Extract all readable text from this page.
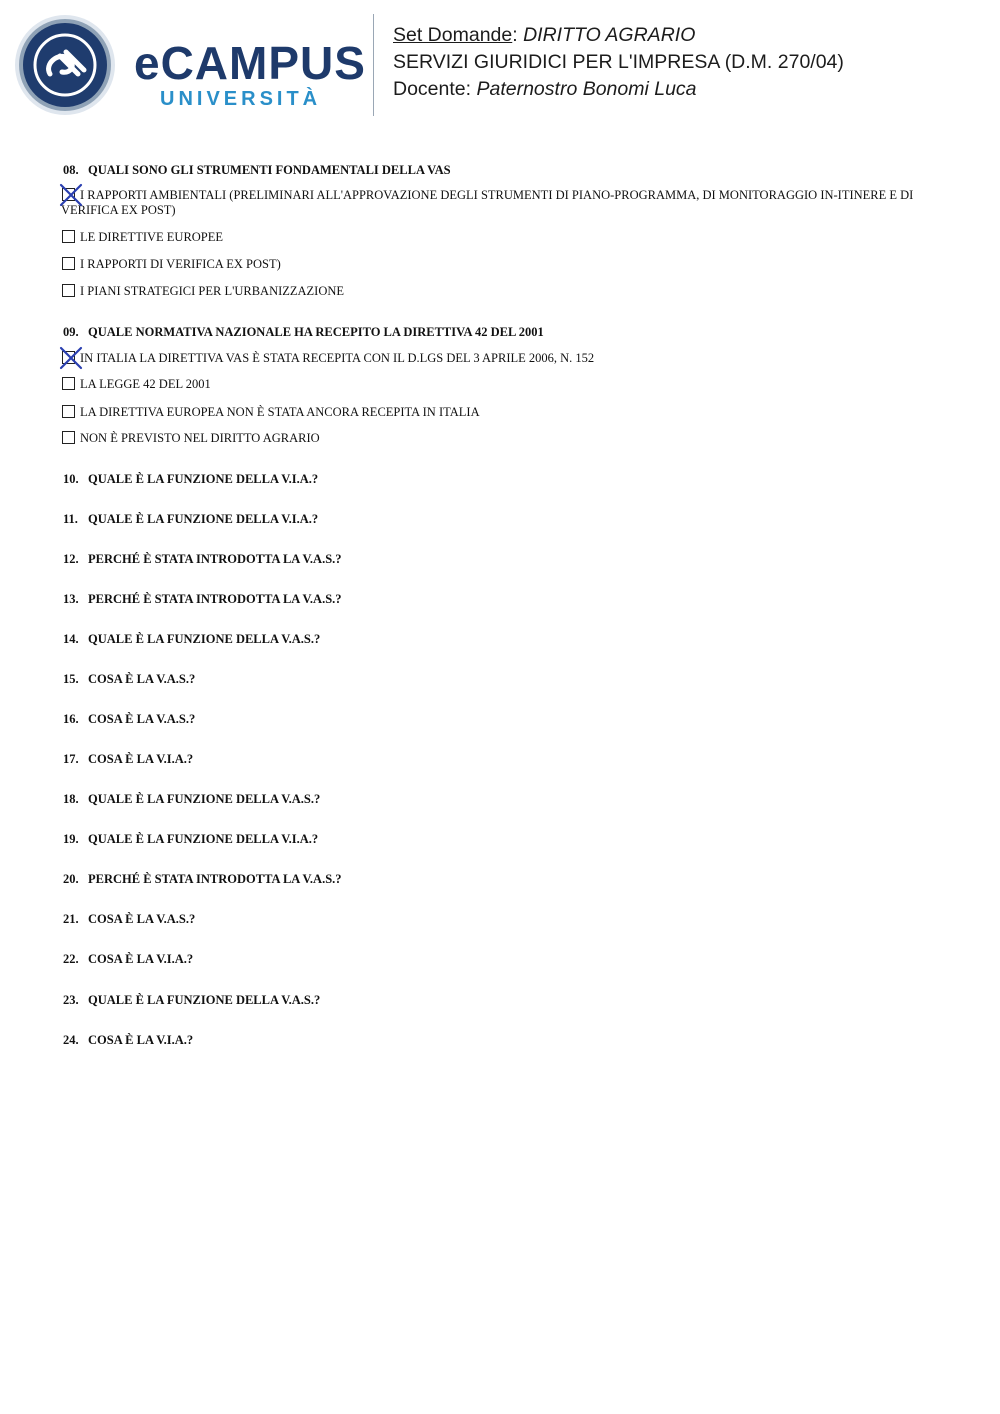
eCAMPUS
UNIVERSITÀ
Set Domande: DIRITTO AGRARIO
SERVIZI GIURIDICI PER L'IMPRESA (D.M. 270/04)
Docente: Paternostro Bonomi Luca
08. QUALI SONO GLI STRUMENTI FONDAMENTALI DELLA VAS
I RAPPORTI AMBIENTALI (PRELIMINARI ALL'APPROVAZIONE DEGLI STRUMENTI DI PIANO-PROGRAMMA, DI MONITORAGGIO IN-ITINERE E DI
VERIFICA EX POST)
LE DIRETTIVE EUROPEE
I RAPPORTI DI VERIFICA EX POST)
I PIANI STRATEGICI PER L'URBANIZZAZIONE
09. QUALE NORMATIVA NAZIONALE HA RECEPITO LA DIRETTIVA 42 DEL 2001
IN ITALIA LA DIRETTIVA VAS È STATA RECEPITA CON IL D.LGS DEL 3 APRILE 2006, N. 152
LA LEGGE 42 DEL 2001
LA DIRETTIVA EUROPEA NON È STATA ANCORA RECEPITA IN ITALIA
NON È PREVISTO NEL DIRITTO AGRARIO
10. QUALE È LA FUNZIONE DELLA V.I.A.?
11. QUALE È LA FUNZIONE DELLA V.I.A.?
12. PERCHÉ È STATA INTRODOTTA LA V.A.S.?
13. PERCHÉ È STATA INTRODOTTA LA V.A.S.?
14. QUALE È LA FUNZIONE DELLA V.A.S.?
15. COSA È LA V.A.S.?
16. COSA È LA V.A.S.?
17. COSA È LA V.I.A.?
18. QUALE È LA FUNZIONE DELLA V.A.S.?
19. QUALE È LA FUNZIONE DELLA V.I.A.?
20. PERCHÉ È STATA INTRODOTTA LA V.A.S.?
21. COSA È LA V.A.S.?
22. COSA È LA V.I.A.?
23. QUALE È LA FUNZIONE DELLA V.A.S.?
24. COSA È LA V.I.A.?
